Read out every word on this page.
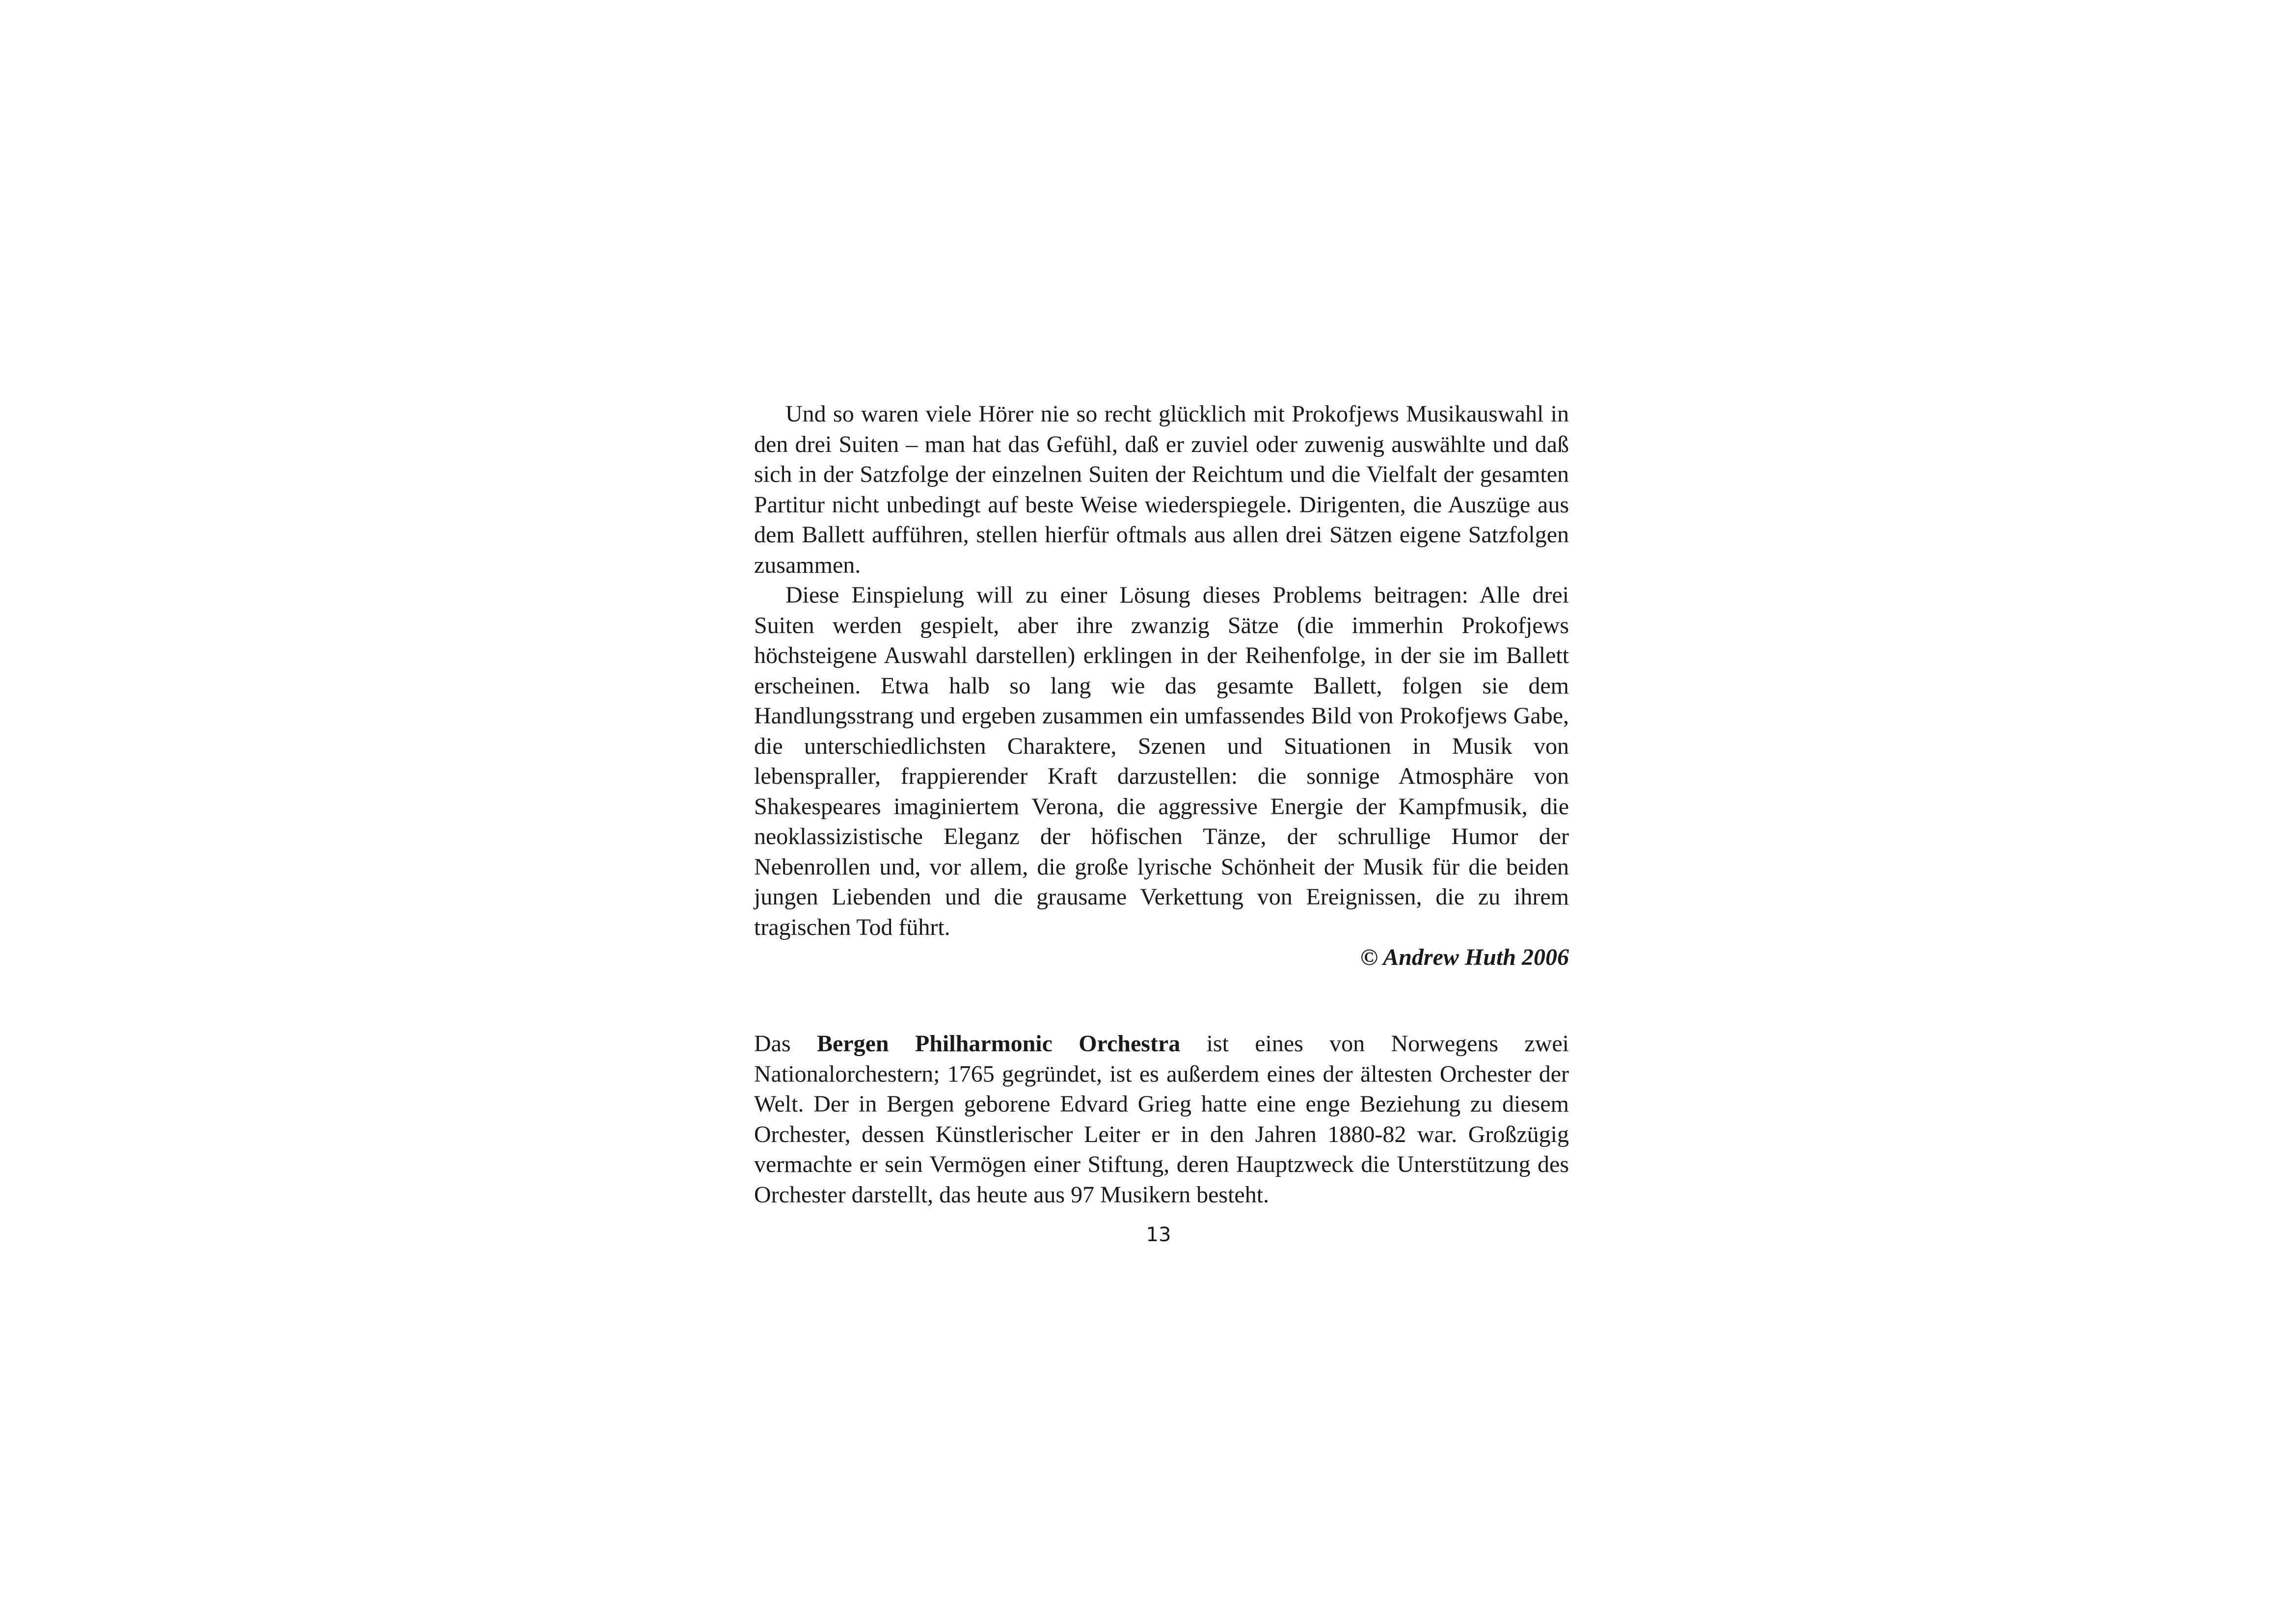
Und so waren viele Hörer nie so recht glücklich mit Prokofjews Musikauswahl in den drei Suiten – man hat das Gefühl, daß er zuviel oder zuwenig auswählte und daß sich in der Satzfolge der einzelnen Suiten der Reichtum und die Vielfalt der gesamten Partitur nicht unbedingt auf beste Weise wiederspiegele. Dirigenten, die Auszüge aus dem Ballett aufführen, stellen hierfür oftmals aus allen drei Sätzen eigene Satzfolgen zusammen.

Diese Einspielung will zu einer Lösung dieses Problems beitragen: Alle drei Suiten werden gespielt, aber ihre zwanzig Sätze (die immerhin Prokofjews höchsteigene Auswahl darstellen) erklingen in der Reihenfolge, in der sie im Ballett erscheinen. Etwa halb so lang wie das gesamte Ballett, folgen sie dem Handlungsstrang und ergeben zusammen ein umfassendes Bild von Prokofjews Gabe, die unterschiedlichsten Charaktere, Szenen und Situationen in Musik von lebenspraller, frappierender Kraft darzustellen: die sonnige Atmosphäre von Shakespeares imaginiertem Verona, die aggressive Energie der Kampfmusik, die neoklassizistische Eleganz der höfischen Tänze, der schrullige Humor der Nebenrollen und, vor allem, die große lyrische Schönheit der Musik für die beiden jungen Liebenden und die grausame Verkettung von Ereignissen, die zu ihrem tragischen Tod führt.

© Andrew Huth 2006

Das Bergen Philharmonic Orchestra ist eines von Norwegens zwei Nationalorchestern; 1765 gegründet, ist es außerdem eines der ältesten Orchester der Welt. Der in Bergen geborene Edvard Grieg hatte eine enge Beziehung zu diesem Orchester, dessen Künstlerischer Leiter er in den Jahren 1880-82 war. Großzügig vermachte er sein Vermögen einer Stiftung, deren Hauptzweck die Unterstützung des Orchester darstellt, das heute aus 97 Musikern besteht.

13
